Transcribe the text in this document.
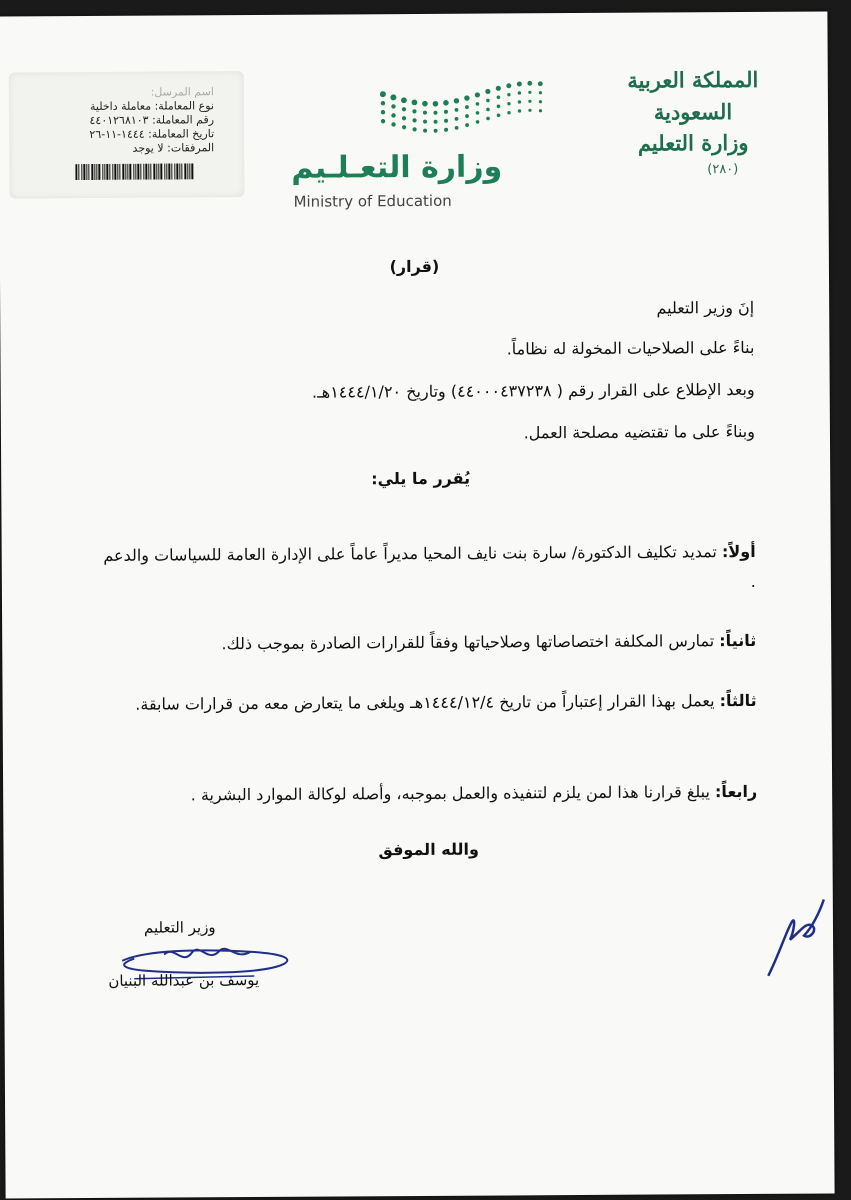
المملكة العربية السعودية
وزارة التعليم
(٢٨٠)
وزارة التعـلـيم
Ministry of Education
اسم المرسل:
نوع المعاملة: معاملة داخلية
رقم المعاملة: ٤٤٠١٢٦٨١٠٣
تاريخ المعاملة: ١٤٤٤-١١-٢٦
المرفقات: لا يوجد
(قرار)
إنَ وزير التعليم
بناءً على الصلاحيات المخولة له نظاماً.
وبعد الإطلاع على القرار رقم ( ٤٤٠٠٠٤٣٧٢٣٨) وتاريخ ١٤٤٤/١/٢٠هـ.
وبناءً على ما تقتضيه مصلحة العمل.
يُقرر ما يلي:
أولاً: تمديد تكليف الدكتورة/ سارة بنت نايف المحيا مديراً عاماً على الإدارة العامة للسياسات والدعم .
ثانياً: تمارس المكلفة اختصاصاتها وصلاحياتها وفقاً للقرارات الصادرة بموجب ذلك.
ثالثاً: يعمل بهذا القرار إعتباراً من تاريخ ١٤٤٤/١٢/٤هـ ويلغى ما يتعارض معه من قرارات سابقة.
رابعاً: يبلغ قرارنا هذا لمن يلزم لتنفيذه والعمل بموجبه، وأصله لوكالة الموارد البشرية .
والله الموفق
وزير التعليم
يوسف بن عبدالله البنيان
